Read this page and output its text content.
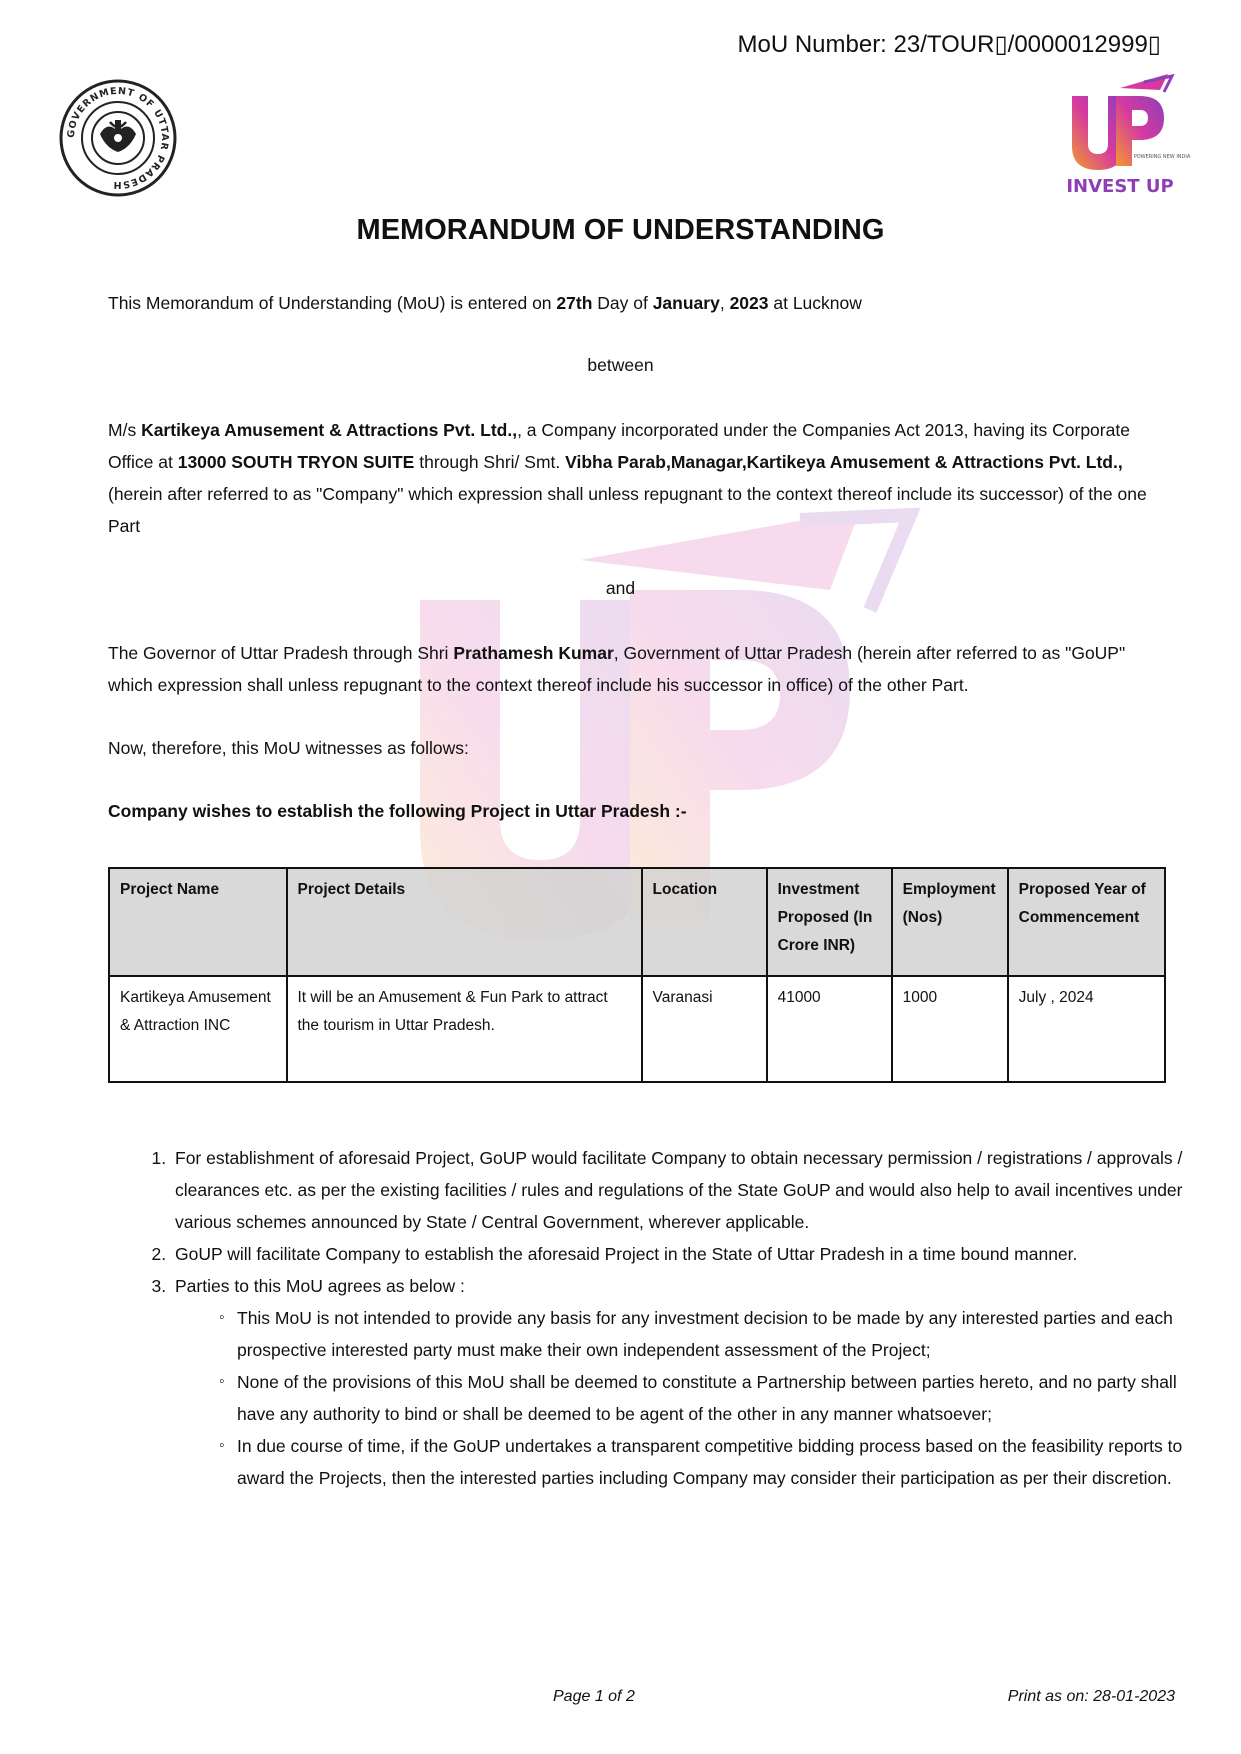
MoU Number: 23/TOUR▯/0000012999▯
GOVERNMENT OF UTTAR PRADESH	INVEST UP
POWERING NEW INDIA
MEMORANDUM OF UNDERSTANDING
This Memorandum of Understanding (MoU) is entered on 27th Day of January, 2023 at Lucknow
between
M/s Kartikeya Amusement & Attractions Pvt. Ltd.,, a Company incorporated under the Companies Act 2013, having its Corporate Office at 13000 SOUTH TRYON SUITE through Shri/ Smt. Vibha Parab,Managar,Kartikeya Amusement & Attractions Pvt. Ltd., (herein after referred to as "Company" which expression shall unless repugnant to the context thereof include its successor) of the one Part
and
The Governor of Uttar Pradesh through Shri Prathamesh Kumar, Government of Uttar Pradesh (herein after referred to as "GoUP" which expression shall unless repugnant to the context thereof include his successor in office) of the other Part.
Now, therefore, this MoU witnesses as follows:
Company wishes to establish the following Project in Uttar Pradesh :-
Project Name	Project Details	Location	Investment Proposed (In Crore INR)	Employment (Nos)	Proposed Year of Commencement
Kartikeya Amusement & Attraction INC	It will be an Amusement & Fun Park to attract the tourism in Uttar Pradesh.	Varanasi	41000	1000	July , 2024
1. For establishment of aforesaid Project, GoUP would facilitate Company to obtain necessary permission / registrations / approvals / clearances etc. as per the existing facilities / rules and regulations of the State GoUP and would also help to avail incentives under various schemes announced by State / Central Government, wherever applicable.
2. GoUP will facilitate Company to establish the aforesaid Project in the State of Uttar Pradesh in a time bound manner.
3. Parties to this MoU agrees as below :
◦ This MoU is not intended to provide any basis for any investment decision to be made by any interested parties and each prospective interested party must make their own independent assessment of the Project;
◦ None of the provisions of this MoU shall be deemed to constitute a Partnership between parties hereto, and no party shall have any authority to bind or shall be deemed to be agent of the other in any manner whatsoever;
◦ In due course of time, if the GoUP undertakes a transparent competitive bidding process based on the feasibility reports to award the Projects, then the interested parties including Company may consider their participation as per their discretion.
Page 1 of 2	Print as on: 28-01-2023
